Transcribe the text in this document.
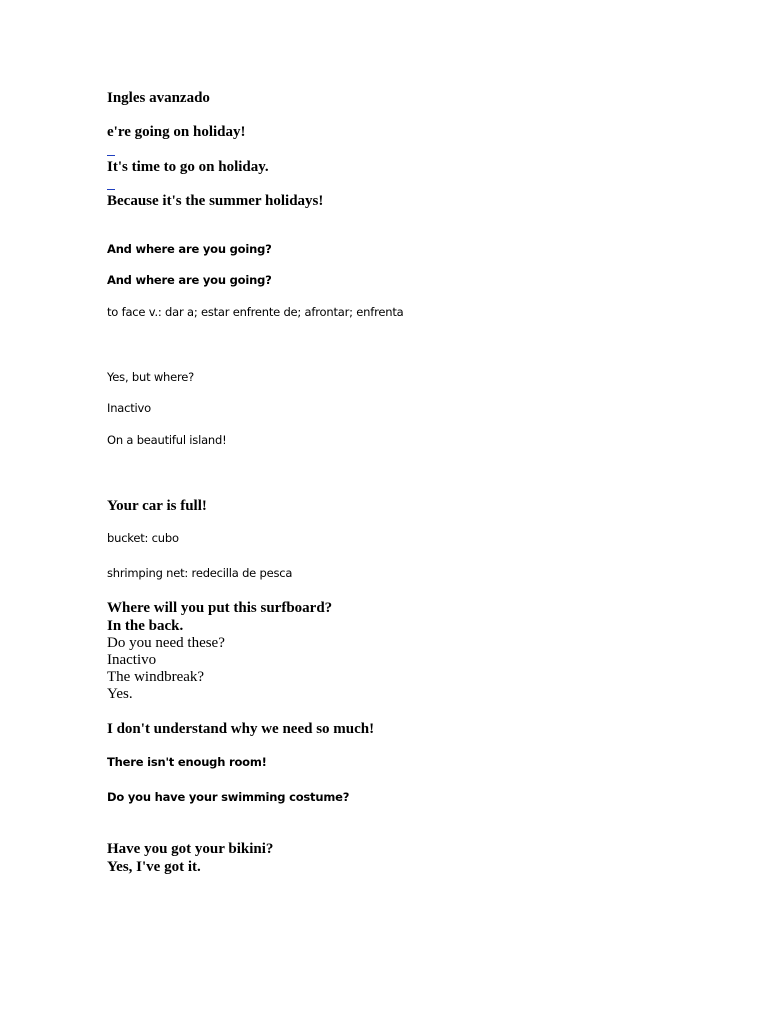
Ingles avanzado
e're going on holiday!
It's time to go on holiday.
Because it's the summer holidays!
And where are you going?
And where are you going?
to face v.: dar a; estar enfrente de; afrontar; enfrenta
Yes, but where?
Inactivo
On a beautiful island!
Your car is full!
bucket: cubo
shrimping net: redecilla de pesca
Where will you put this surfboard?
In the back.
Do you need these?
Inactivo
The windbreak?
Yes.
I don't understand why we need so much!
There isn't enough room!
Do you have your swimming costume?
Have you got your bikini?
Yes, I've got it.
